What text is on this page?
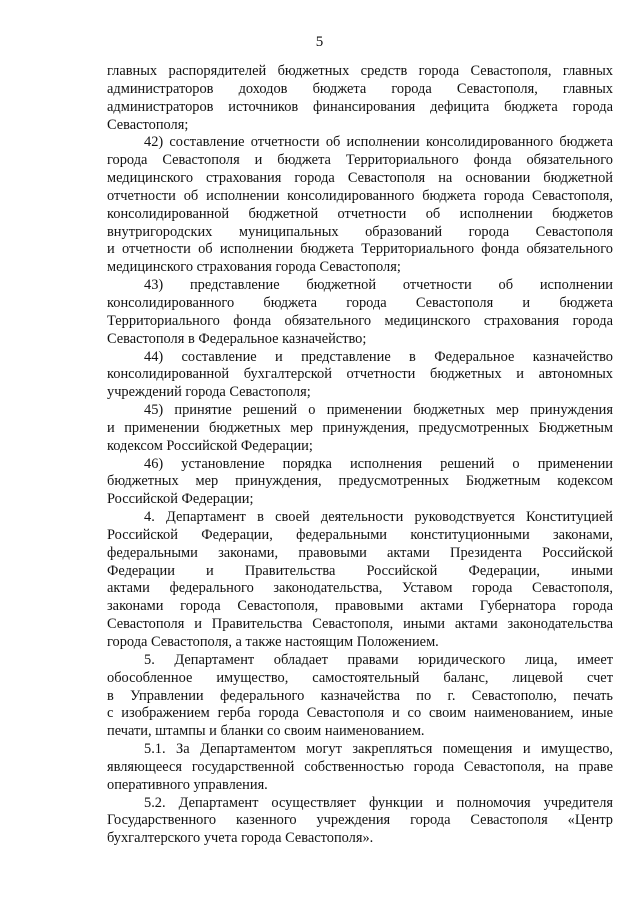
5
главных распорядителей бюджетных средств города Севастополя, главных
администраторов доходов бюджета города Севастополя, главных
администраторов источников финансирования дефицита бюджета города
Севастополя;
42) составление отчетности об исполнении консолидированного бюджета
города Севастополя и бюджета Территориального фонда обязательного
медицинского страхования города Севастополя на основании бюджетной
отчетности об исполнении консолидированного бюджета города Севастополя,
консолидированной бюджетной отчетности об исполнении бюджетов
внутригородских муниципальных образований города Севастополя
и отчетности об исполнении бюджета Территориального фонда обязательного
медицинского страхования города Севастополя;
43) представление бюджетной отчетности об исполнении
консолидированного бюджета города Севастополя и бюджета
Территориального фонда обязательного медицинского страхования города
Севастополя в Федеральное казначейство;
44) составление и представление в Федеральное казначейство
консолидированной бухгалтерской отчетности бюджетных и автономных
учреждений города Севастополя;
45) принятие решений о применении бюджетных мер принуждения
и применении бюджетных мер принуждения, предусмотренных Бюджетным
кодексом Российской Федерации;
46) установление порядка исполнения решений о применении
бюджетных мер принуждения, предусмотренных Бюджетным кодексом
Российской Федерации;
4. Департамент в своей деятельности руководствуется Конституцией
Российской Федерации, федеральными конституционными законами,
федеральными законами, правовыми актами Президента Российской
Федерации и Правительства Российской Федерации, иными
актами федерального законодательства, Уставом города Севастополя,
законами города Севастополя, правовыми актами Губернатора города
Севастополя и Правительства Севастополя, иными актами законодательства
города Севастополя, а также настоящим Положением.
5. Департамент обладает правами юридического лица, имеет
обособленное имущество, самостоятельный баланс, лицевой счет
в Управлении федерального казначейства по г. Севастополю, печать
с изображением герба города Севастополя и со своим наименованием, иные
печати, штампы и бланки со своим наименованием.
5.1. За Департаментом могут закрепляться помещения и имущество,
являющееся государственной собственностью города Севастополя, на праве
оперативного управления.
5.2. Департамент осуществляет функции и полномочия учредителя
Государственного казенного учреждения города Севастополя «Центр
бухгалтерского учета города Севастополя».
